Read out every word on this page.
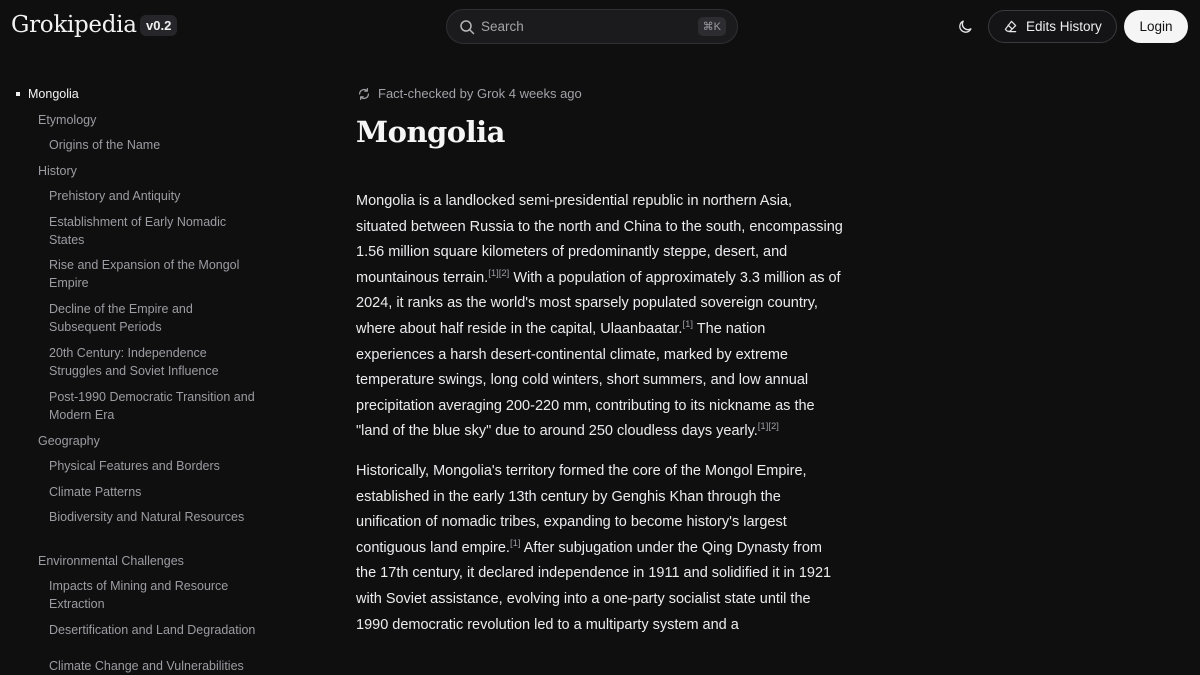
Grokipedia v0.2	Search	⌘K	Edits History	Login
Mongolia
Etymology
Origins of the Name
History
Prehistory and Antiquity
Establishment of Early Nomadic States
Rise and Expansion of the Mongol Empire
Decline of the Empire and Subsequent Periods
20th Century: Independence Struggles and Soviet Influence
Post-1990 Democratic Transition and Modern Era
Geography
Physical Features and Borders
Climate Patterns
Biodiversity and Natural Resources
Environmental Challenges
Impacts of Mining and Resource Extraction
Desertification and Land Degradation
Climate Change and Vulnerabilities
Fact-checked by Grok 4 weeks ago
Mongolia

Mongolia is a landlocked semi-presidential republic in northern Asia, situated between Russia to the north and China to the south, encompassing 1.56 million square kilometers of predominantly steppe, desert, and mountainous terrain.[1][2] With a population of approximately 3.3 million as of 2024, it ranks as the world's most sparsely populated sovereign country, where about half reside in the capital, Ulaanbaatar.[1] The nation experiences a harsh desert-continental climate, marked by extreme temperature swings, long cold winters, short summers, and low annual precipitation averaging 200-220 mm, contributing to its nickname as the "land of the blue sky" due to around 250 cloudless days yearly.[1][2]

Historically, Mongolia's territory formed the core of the Mongol Empire, established in the early 13th century by Genghis Khan through the unification of nomadic tribes, expanding to become history's largest contiguous land empire.[1] After subjugation under the Qing Dynasty from the 17th century, it declared independence in 1911 and solidified it in 1921 with Soviet assistance, evolving into a one-party socialist state until the 1990 democratic revolution led to a multiparty system and a
